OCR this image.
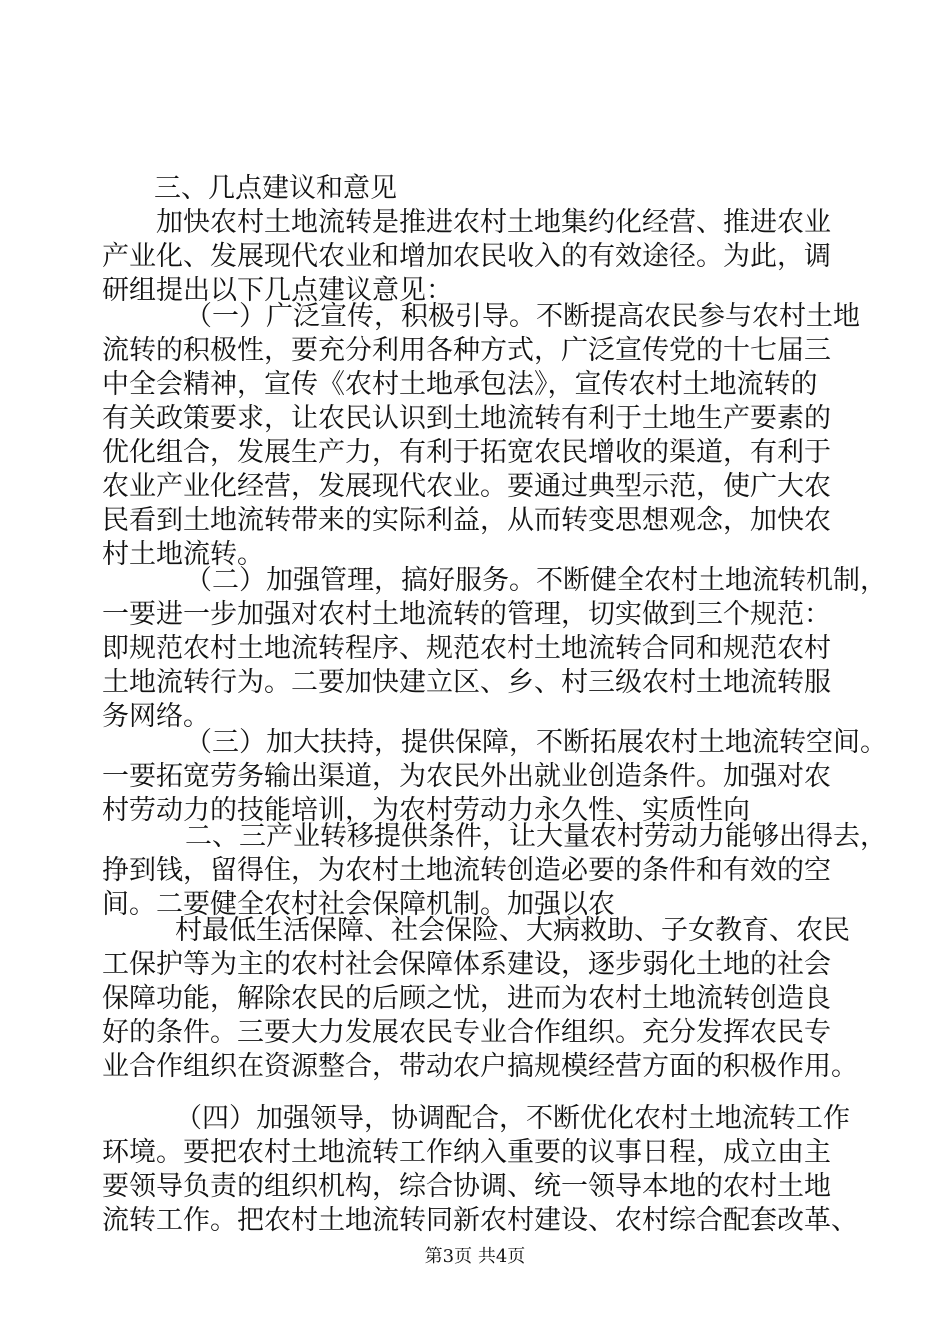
三、几点建议和意见
加快农村土地流转是推进农村土地集约化经营、推进农业
产业化、发展现代农业和增加农民收入的有效途径。为此，调
研组提出以下几点建议意见：
（一）广泛宣传，积极引导。不断提高农民参与农村土地
流转的积极性，要充分利用各种方式，广泛宣传党的十七届三
中全会精神，宣传《农村土地承包法》，宣传农村土地流转的
有关政策要求，让农民认识到土地流转有利于土地生产要素的
优化组合，发展生产力，有利于拓宽农民增收的渠道，有利于
农业产业化经营，发展现代农业。要通过典型示范，使广大农
民看到土地流转带来的实际利益，从而转变思想观念，加快农
村土地流转。
（二）加强管理，搞好服务。不断健全农村土地流转机制，
一要进一步加强对农村土地流转的管理，切实做到三个规范：
即规范农村土地流转程序、规范农村土地流转合同和规范农村
土地流转行为。二要加快建立区、乡、村三级农村土地流转服
务网络。
（三）加大扶持，提供保障，不断拓展农村土地流转空间。
一要拓宽劳务输出渠道，为农民外出就业创造条件。加强对农
村劳动力的技能培训，为农村劳动力永久性、实质性向
二、三产业转移提供条件，让大量农村劳动力能够出得去，
挣到钱，留得住，为农村土地流转创造必要的条件和有效的空
间。二要健全农村社会保障机制。加强以农
村最低生活保障、社会保险、大病救助、子女教育、农民
工保护等为主的农村社会保障体系建设，逐步弱化土地的社会
保障功能，解除农民的后顾之忧，进而为农村土地流转创造良
好的条件。三要大力发展农民专业合作组织。充分发挥农民专
业合作组织在资源整合，带动农户搞规模经营方面的积极作用。
（四）加强领导，协调配合，不断优化农村土地流转工作
环境。要把农村土地流转工作纳入重要的议事日程，成立由主
要领导负责的组织机构，综合协调、统一领导本地的农村土地
流转工作。把农村土地流转同新农村建设、农村综合配套改革、
第3页 共4页
